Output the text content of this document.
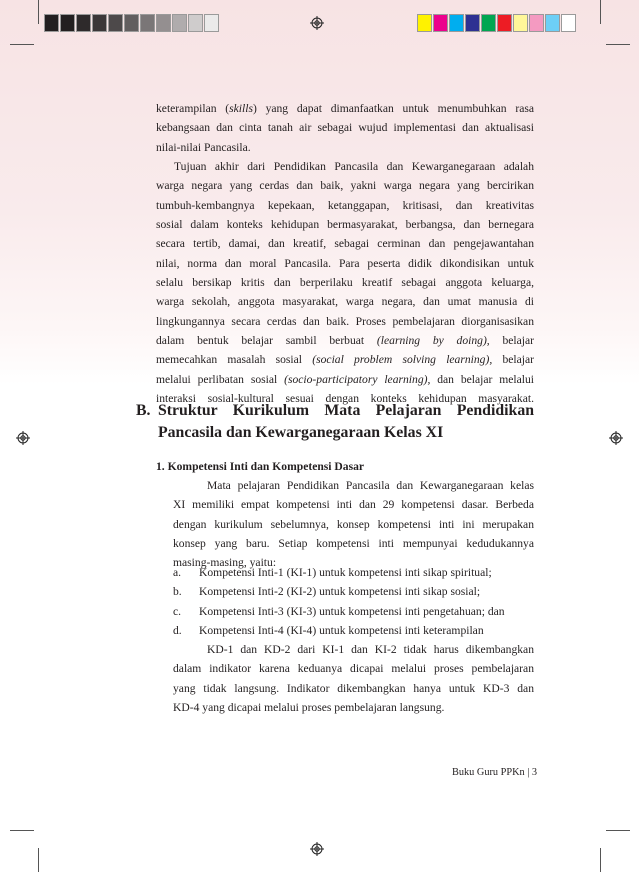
keterampilan (skills) yang dapat dimanfaatkan untuk menumbuhkan rasa
kebangsaan dan cinta tanah air sebagai wujud implementasi dan aktualisasi
nilai-nilai Pancasila.
Tujuan akhir dari Pendidikan Pancasila dan Kewarganegaraan adalah
warga negara yang cerdas dan baik, yakni warga negara yang bercirikan
tumbuh-kembangnya kepekaan, ketanggapan, kritisasi, dan kreativitas
sosial dalam konteks kehidupan bermasyarakat, berbangsa, dan bernegara
secara tertib, damai, dan kreatif, sebagai cerminan dan pengejawantahan
nilai, norma dan moral Pancasila. Para peserta didik dikondisikan untuk
selalu bersikap kritis dan berperilaku kreatif sebagai anggota keluarga,
warga sekolah, anggota masyarakat, warga negara, dan umat manusia di
lingkungannya secara cerdas dan baik. Proses pembelajaran diorganisasikan
dalam bentuk belajar sambil berbuat (learning by doing), belajar
memecahkan masalah sosial (social problem solving learning), belajar
melalui perlibatan sosial (socio-participatory learning), dan belajar melalui
interaksi sosial-kultural sesuai dengan konteks kehidupan masyarakat.
B. Struktur Kurikulum Mata Pelajaran Pendidikan
Pancasila dan Kewarganegaraan Kelas XI
1. Kompetensi Inti dan Kompetensi Dasar
Mata pelajaran Pendidikan Pancasila dan Kewarganegaraan kelas
XI memiliki empat kompetensi inti dan 29 kompetensi dasar. Berbeda
dengan kurikulum sebelumnya, konsep kompetensi inti ini merupakan
konsep yang baru. Setiap kompetensi inti mempunyai kedudukannya
masing-masing, yaitu:
a.	Kompetensi Inti-1 (KI-1) untuk kompetensi inti sikap spiritual;
b.	Kompetensi Inti-2 (KI-2) untuk kompetensi inti sikap sosial;
c.	Kompetensi Inti-3 (KI-3) untuk kompetensi inti pengetahuan; dan
d.	Kompetensi Inti-4 (KI-4) untuk kompetensi inti keterampilan
KD-1 dan KD-2 dari KI-1 dan KI-2 tidak harus dikembangkan
dalam indikator karena keduanya dicapai melalui proses pembelajaran
yang tidak langsung. Indikator dikembangkan hanya untuk KD-3 dan
KD-4 yang dicapai melalui proses pembelajaran langsung.
Buku Guru PPKn | 3
